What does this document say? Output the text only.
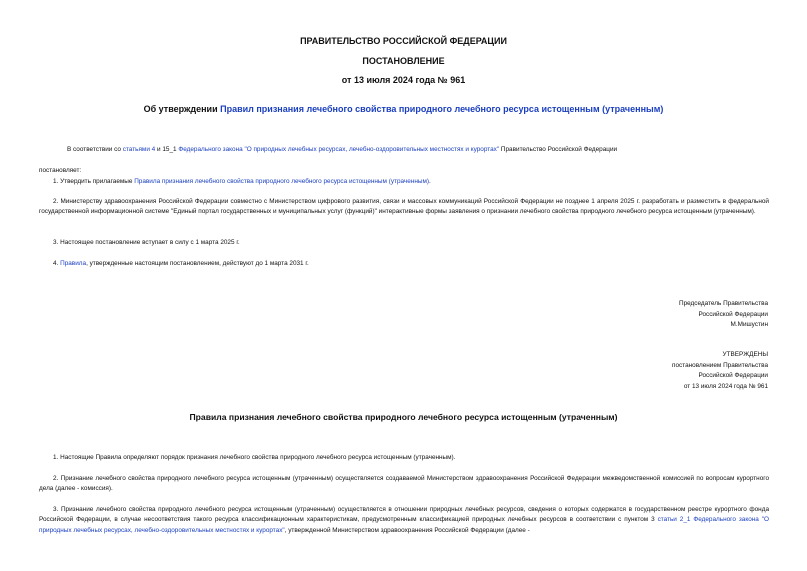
ПРАВИТЕЛЬСТВО РОССИЙСКОЙ ФЕДЕРАЦИИ
ПОСТАНОВЛЕНИЕ
от 13 июля 2024 года № 961
Об утверждении Правил признания лечебного свойства природного лечебного ресурса истощенным (утраченным)

В соответствии со статьями 4 и 15_1 Федерального закона "О природных лечебных ресурсах, лечебно-оздоровительных местностях и курортах" Правительство Российской Федерации

постановляет:

1. Утвердить прилагаемые Правила признания лечебного свойства природного лечебного ресурса истощенным (утраченным).

2. Министерству здравоохранения Российской Федерации совместно с Министерством цифрового развития, связи и массовых коммуникаций Российской Федерации не позднее 1 апреля 2025 г. разработать и разместить в федеральной государственной информационной системе "Единый портал государственных и муниципальных услуг (функций)" интерактивные формы заявления о признании лечебного свойства природного лечебного ресурса истощенным (утраченным).

3. Настоящее постановление вступает в силу с 1 марта 2025 г.

4. Правила, утвержденные настоящим постановлением, действуют до 1 марта 2031 г.

Председатель Правительства
Российской Федерации
М.Мишустин
УТВЕРЖДЕНЫ
постановлением Правительства
Российской Федерации
от 13 июля 2024 года № 961
Правила признания лечебного свойства природного лечебного ресурса истощенным (утраченным)

1. Настоящие Правила определяют порядок признания лечебного свойства природного лечебного ресурса истощенным (утраченным).

2. Признание лечебного свойства природного лечебного ресурса истощенным (утраченным) осуществляется создаваемой Министерством здравоохранения Российской Федерации межведомственной комиссией по вопросам курортного дела (далее - комиссия).

3. Признание лечебного свойства природного лечебного ресурса истощенным (утраченным) осуществляется в отношении природных лечебных ресурсов, сведения о которых содержатся в государственном реестре курортного фонда Российской Федерации, в случае несоответствия такого ресурса классификационным характеристикам, предусмотренным классификацией природных лечебных ресурсов в соответствии с пунктом 3 статьи 2_1 Федерального закона "О природных лечебных ресурсах, лечебно-оздоровительных местностях и курортах", утвержденной Министерством здравоохранения Российской Федерации (далее -
